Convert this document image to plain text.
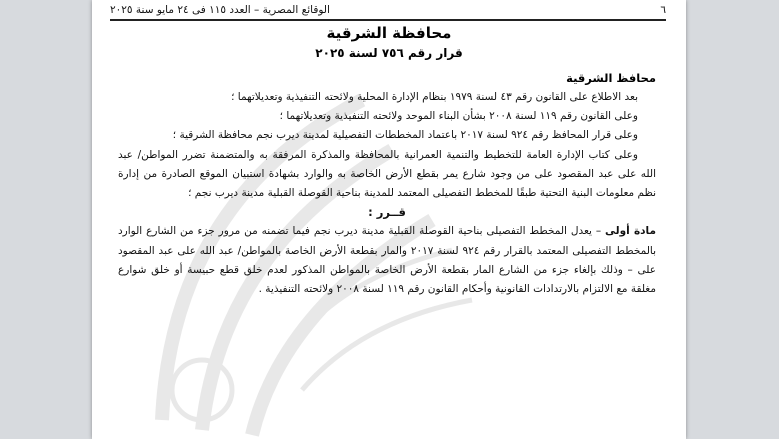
٦
الوقائع المصرية – العدد ١١٥ فى ٢٤ مايو سنة ٢٠٢٥
محافظة الشرقية
قرار رقم ٧٥٦ لسنة ٢٠٢٥
محافظ الشرقية

بعد الاطلاع على القانون رقم ٤٣ لسنة ١٩٧٩ بنظام الإدارة المحلية ولائحته التنفيذية وتعديلاتهما ؛

وعلى القانون رقم ١١٩ لسنة ٢٠٠٨ بشأن البناء الموحد ولائحته التنفيذية وتعديلاتهما ؛

وعلى قرار المحافظ رقم ٩٢٤ لسنة ٢٠١٧ باعتماد المخططات التفصيلية لمدينة ديرب نجم محافظة الشرقية ؛

وعلى كتاب الإدارة العامة للتخطيط والتنمية العمرانية بالمحافظة والمذكرة المرفقة به والمتضمنة تضرر المواطن/ عبد الله على عبد المقصود على من وجود شارع يمر بقطع الأرض الخاصة به والوارد بشهادة استبيان الموقع الصادرة من إدارة نظم معلومات البنية التحتية طبقًا للمخطط التفصيلى المعتمد للمدينة بناحية القوصلة القبلية مدينة ديرب نجم ؛

قــرر :

مادة أولى – يعدل المخطط التفصيلى بناحية القوصلة القبلية مدينة ديرب نجم فيما تضمنه من مرور جزء من الشارع الوارد بالمخطط التفصيلى المعتمد بالقرار رقم ٩٢٤ لسنة ٢٠١٧ والمار بقطعة الأرض الخاصة بالمواطن/ عبد الله على عبد المقصود على – وذلك بإلغاء جزء من الشارع المار بقطعة الأرض الخاصة بالمواطن المذكور لعدم خلق قطع حبيسة أو خلق شوارع مغلقة مع الالتزام بالارتدادات القانونية وأحكام القانون رقم ١١٩ لسنة ٢٠٠٨ ولائحته التنفيذية .
